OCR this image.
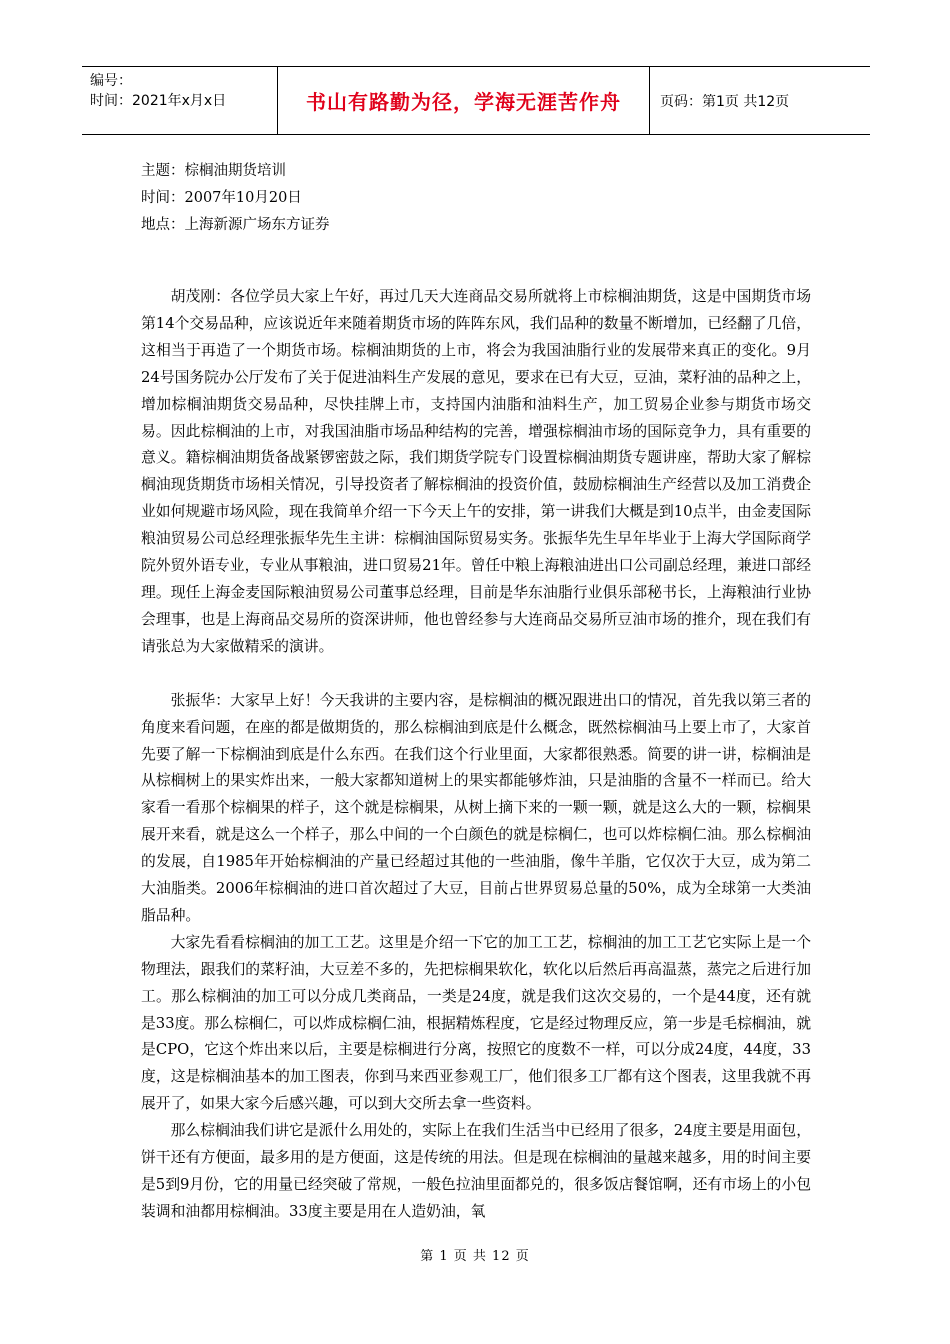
编号：
时间：2021年x月x日	书山有路勤为径，学海无涯苦作舟	页码：第1页 共12页
主题：棕榈油期货培训
时间：2007年10月20日
地点：上海新源广场东方证券

胡茂刚：各位学员大家上午好，再过几天大连商品交易所就将上市棕榈油期货，这是中国期货市场第14个交易品种，应该说近年来随着期货市场的阵阵东风，我们品种的数量不断增加，已经翻了几倍，这相当于再造了一个期货市场。棕榈油期货的上市，将会为我国油脂行业的发展带来真正的变化。9月24号国务院办公厅发布了关于促进油料生产发展的意见，要求在已有大豆，豆油，菜籽油的品种之上，增加棕榈油期货交易品种，尽快挂牌上市，支持国内油脂和油料生产，加工贸易企业参与期货市场交易。因此棕榈油的上市，对我国油脂市场品种结构的完善，增强棕榈油市场的国际竞争力，具有重要的意义。籍棕榈油期货备战紧锣密鼓之际，我们期货学院专门设置棕榈油期货专题讲座，帮助大家了解棕榈油现货期货市场相关情况，引导投资者了解棕榈油的投资价值，鼓励棕榈油生产经营以及加工消费企业如何规避市场风险，现在我简单介绍一下今天上午的安排，第一讲我们大概是到10点半，由金麦国际粮油贸易公司总经理张振华先生主讲：棕榈油国际贸易实务。张振华先生早年毕业于上海大学国际商学院外贸外语专业，专业从事粮油，进口贸易21年。曾任中粮上海粮油进出口公司副总经理，兼进口部经理。现任上海金麦国际粮油贸易公司董事总经理，目前是华东油脂行业俱乐部秘书长，上海粮油行业协会理事，也是上海商品交易所的资深讲师，他也曾经参与大连商品交易所豆油市场的推介，现在我们有请张总为大家做精采的演讲。

张振华：大家早上好！今天我讲的主要内容，是棕榈油的概况跟进出口的情况，首先我以第三者的角度来看问题，在座的都是做期货的，那么棕榈油到底是什么概念，既然棕榈油马上要上市了，大家首先要了解一下棕榈油到底是什么东西。在我们这个行业里面，大家都很熟悉。简要的讲一讲，棕榈油是从棕榈树上的果实炸出来，一般大家都知道树上的果实都能够炸油，只是油脂的含量不一样而已。给大家看一看那个棕榈果的样子，这个就是棕榈果，从树上摘下来的一颗一颗，就是这么大的一颗，棕榈果展开来看，就是这么一个样子，那么中间的一个白颜色的就是棕榈仁，也可以炸棕榈仁油。那么棕榈油的发展，自1985年开始棕榈油的产量已经超过其他的一些油脂，像牛羊脂，它仅次于大豆，成为第二大油脂类。2006年棕榈油的进口首次超过了大豆，目前占世界贸易总量的50%，成为全球第一大类油脂品种。

大家先看看棕榈油的加工工艺。这里是介绍一下它的加工工艺，棕榈油的加工工艺它实际上是一个物理法，跟我们的菜籽油，大豆差不多的，先把棕榈果软化，软化以后然后再高温蒸，蒸完之后进行加工。那么棕榈油的加工可以分成几类商品，一类是24度，就是我们这次交易的，一个是44度，还有就是33度。那么棕榈仁，可以炸成棕榈仁油，根据精炼程度，它是经过物理反应，第一步是毛棕榈油，就是CPO，它这个炸出来以后，主要是棕榈进行分离，按照它的度数不一样，可以分成24度，44度，33度，这是棕榈油基本的加工图表，你到马来西亚参观工厂，他们很多工厂都有这个图表，这里我就不再展开了，如果大家今后感兴趣，可以到大交所去拿一些资料。

那么棕榈油我们讲它是派什么用处的，实际上在我们生活当中已经用了很多，24度主要是用面包，饼干还有方便面，最多用的是方便面，这是传统的用法。但是现在棕榈油的量越来越多，用的时间主要是5到9月份，它的用量已经突破了常规，一般色拉油里面都兑的，很多饭店餐馆啊，还有市场上的小包装调和油都用棕榈油。33度主要是用在人造奶油，氧

第 1 页 共 12 页
